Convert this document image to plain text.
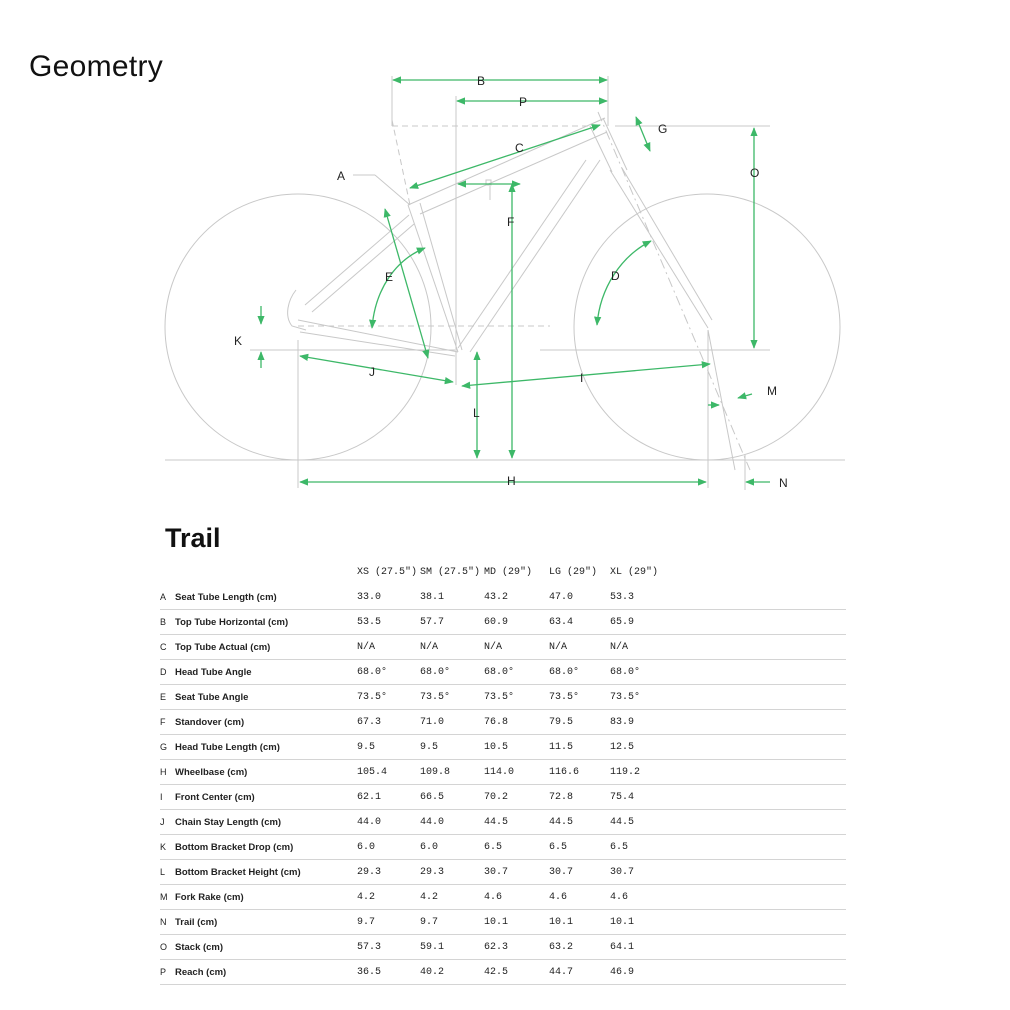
Geometry	B
P
G
C
O
A
F
E	D
K
J	I
M
L
H	N
Trail
		XS (27.5")	SM (27.5")	MD (29")	LG (29")	XL (29")
A	Seat Tube Length (cm)	33.0	38.1	43.2	47.0	53.3
B	Top Tube Horizontal (cm)	53.5	57.7	60.9	63.4	65.9
C	Top Tube Actual (cm)	N/A	N/A	N/A	N/A	N/A
D	Head Tube Angle	68.0°	68.0°	68.0°	68.0°	68.0°
E	Seat Tube Angle	73.5°	73.5°	73.5°	73.5°	73.5°
F	Standover (cm)	67.3	71.0	76.8	79.5	83.9
G	Head Tube Length (cm)	9.5	9.5	10.5	11.5	12.5
H	Wheelbase (cm)	105.4	109.8	114.0	116.6	119.2
I	Front Center (cm)	62.1	66.5	70.2	72.8	75.4
J	Chain Stay Length (cm)	44.0	44.0	44.5	44.5	44.5
K	Bottom Bracket Drop (cm)	6.0	6.0	6.5	6.5	6.5
L	Bottom Bracket Height (cm)	29.3	29.3	30.7	30.7	30.7
M	Fork Rake (cm)	4.2	4.2	4.6	4.6	4.6
N	Trail (cm)	9.7	9.7	10.1	10.1	10.1
O	Stack (cm)	57.3	59.1	62.3	63.2	64.1
P	Reach (cm)	36.5	40.2	42.5	44.7	46.9
